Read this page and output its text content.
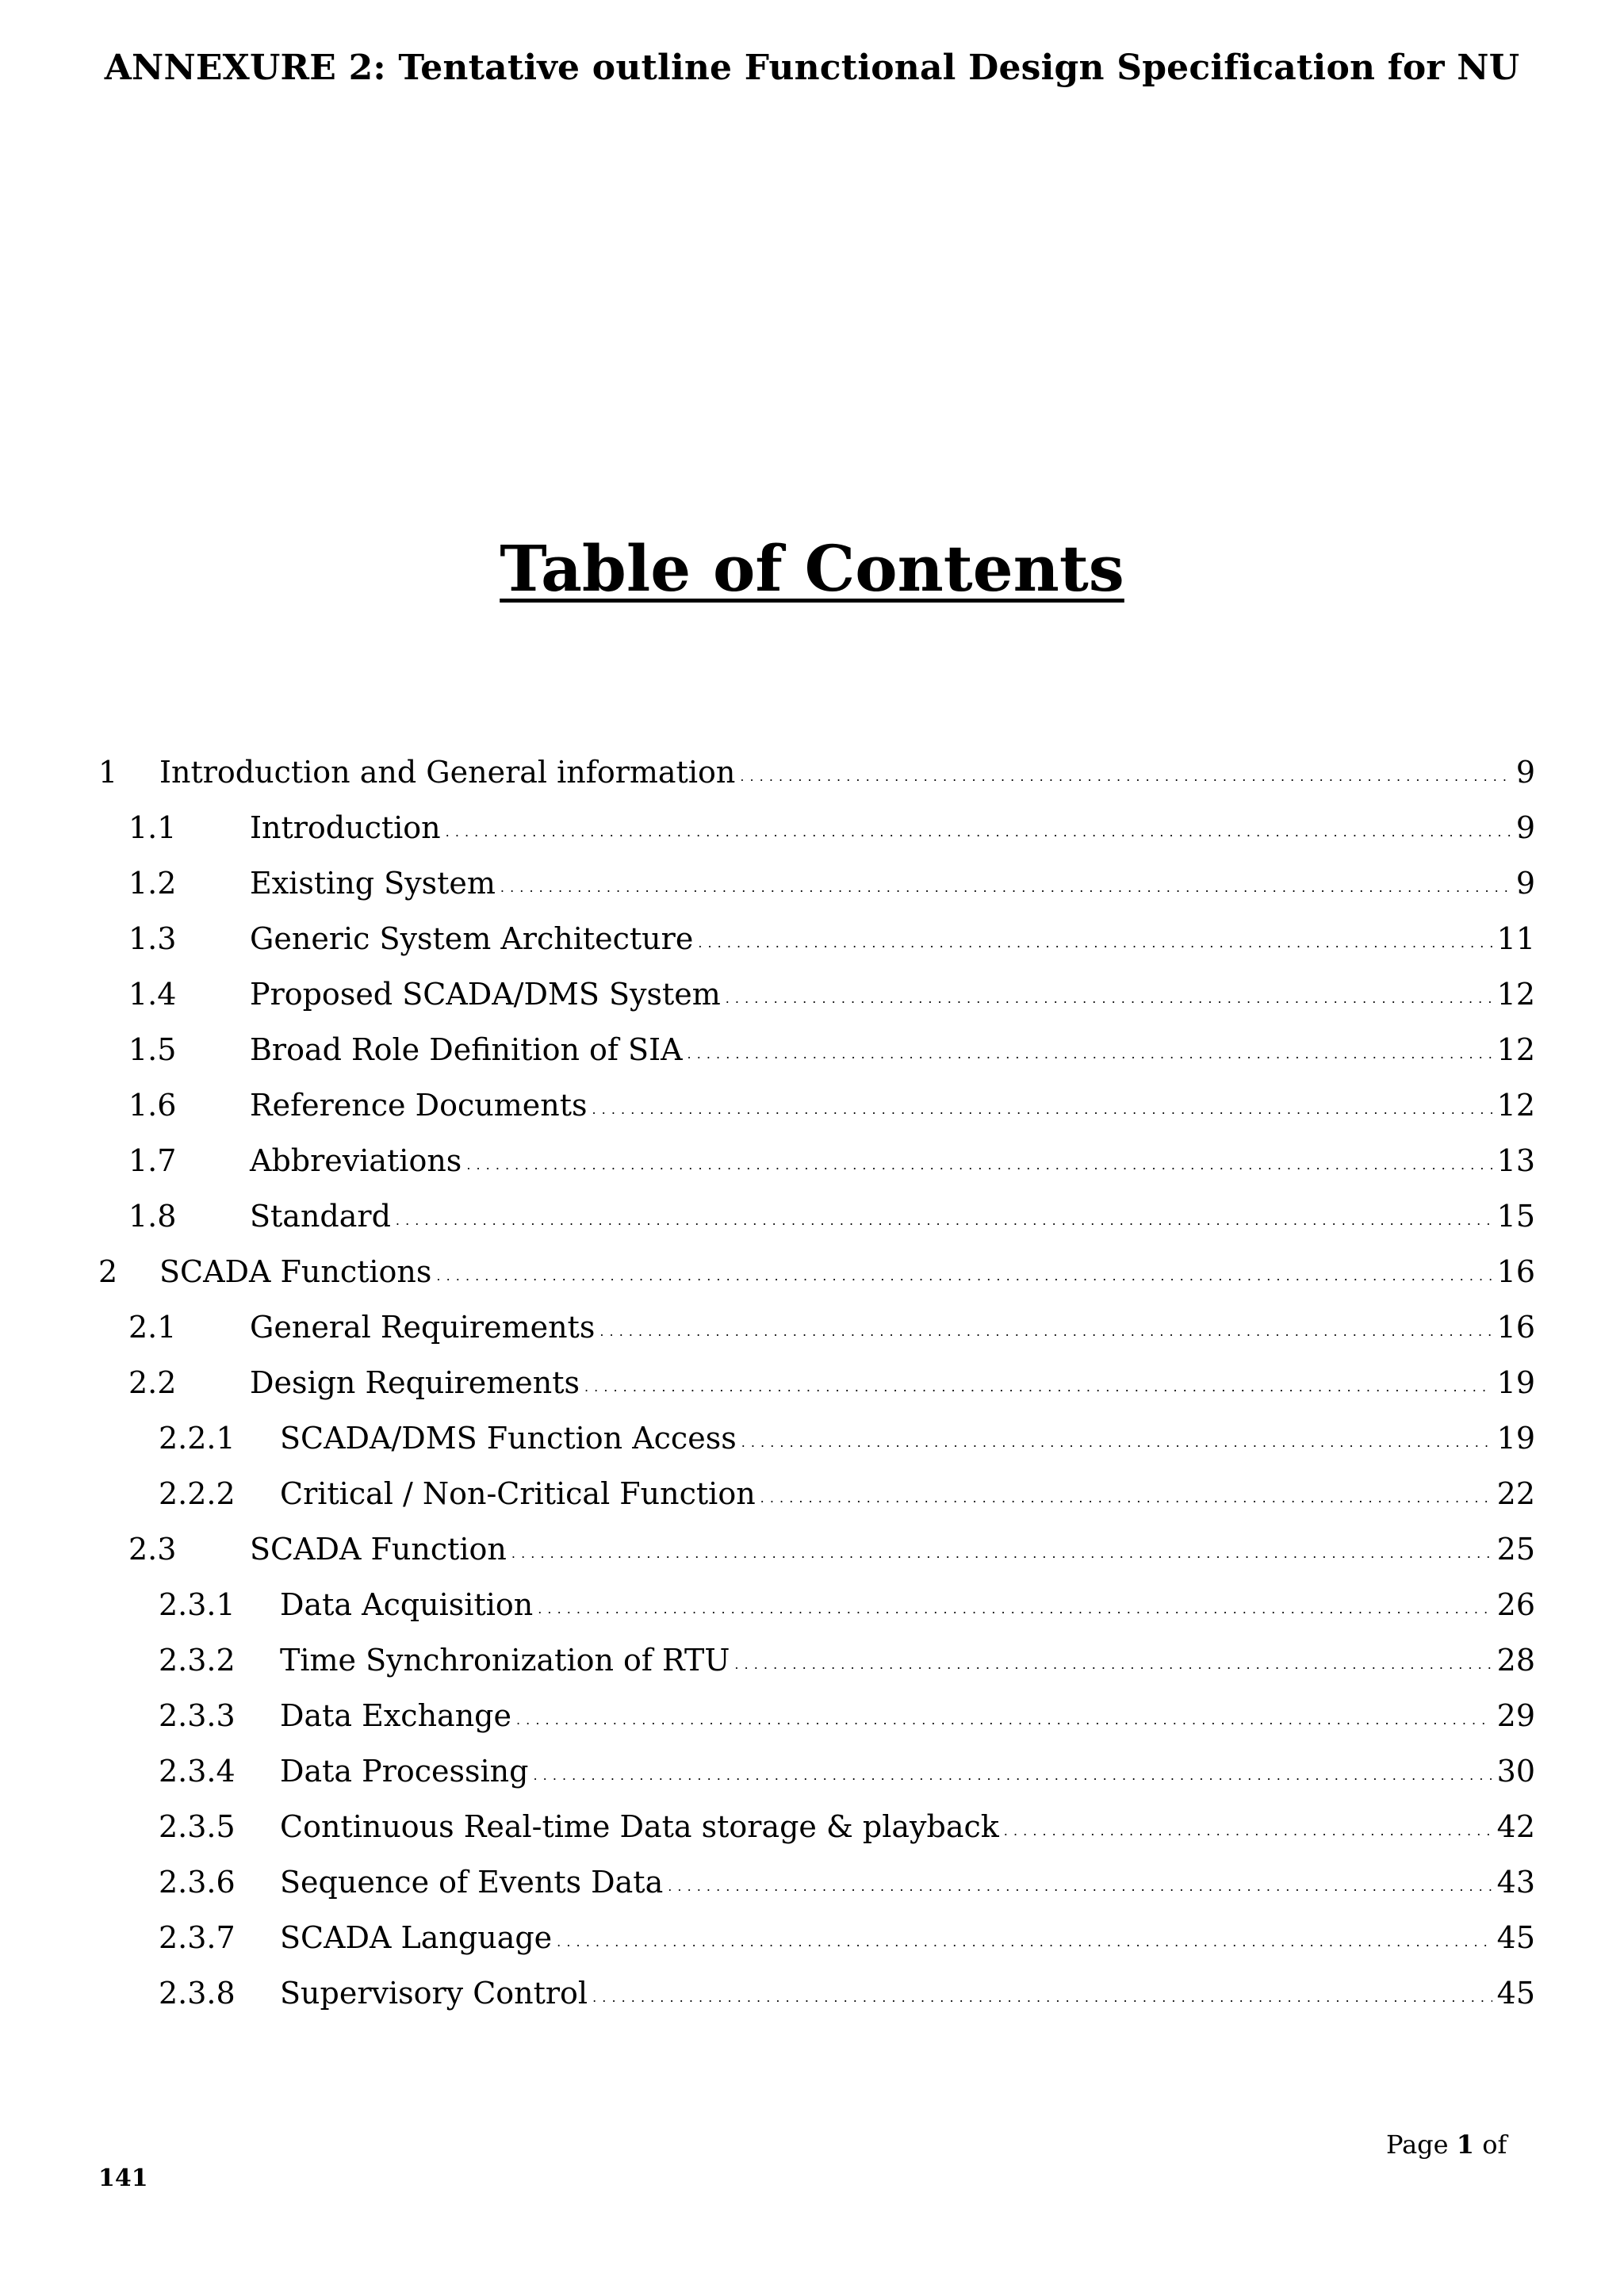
ANNEXURE 2: Tentative outline Functional Design Specification for NU
Table of Contents
1	Introduction and General information . . .	9
1.1	Introduction . . .	9
1.2	Existing System . . .	9
1.3	Generic System Architecture . . .	11
1.4	Proposed SCADA/DMS System . . .	12
1.5	Broad Role Definition of SIA . . .	12
1.6	Reference Documents . . .	12
1.7	Abbreviations . . .	13
1.8	Standard . . .	15
2	SCADA Functions . . .	16
2.1	General Requirements . . .	16
2.2	Design Requirements . . .	19
2.2.1	SCADA/DMS Function Access . . .	19
2.2.2	Critical / Non-Critical Function . . .	22
2.3	SCADA Function . . .	25
2.3.1	Data Acquisition . . .	26
2.3.2	Time Synchronization of RTU . . .	28
2.3.3	Data Exchange . . .	29
2.3.4	Data Processing . . .	30
2.3.5	Continuous Real-time Data storage & playback . . .	42
2.3.6	Sequence of Events Data . . .	43
2.3.7	SCADA Language . . .	45
2.3.8	Supervisory Control . . .	45
Page 1 of
141
